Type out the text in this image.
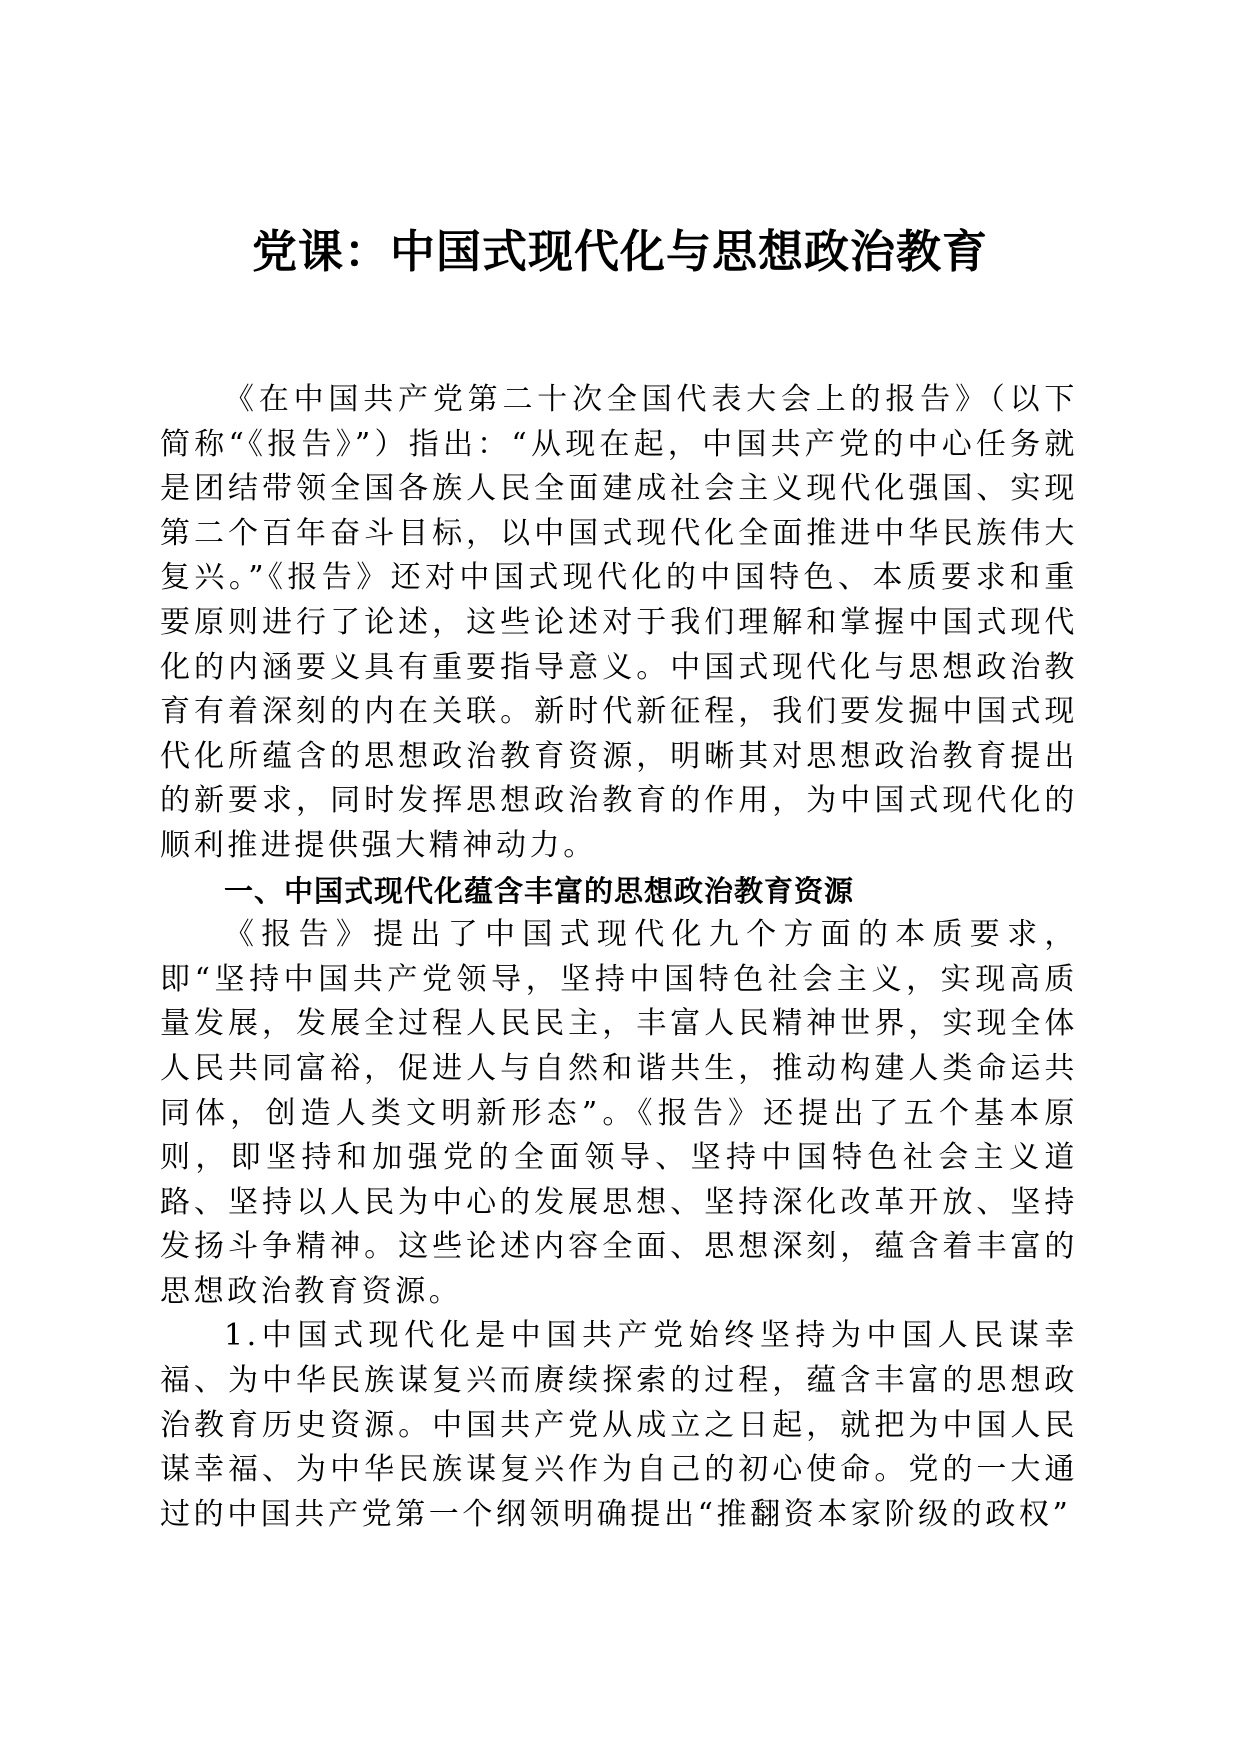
党课：中国式现代化与思想政治教育

《在中国共产党第二十次全国代表大会上的报告》（以下简称“《报告》”）指出：“从现在起，中国共产党的中心任务就是团结带领全国各族人民全面建成社会主义现代化强国、实现第二个百年奋斗目标，以中国式现代化全面推进中华民族伟大复兴。”《报告》还对中国式现代化的中国特色、本质要求和重要原则进行了论述，这些论述对于我们理解和掌握中国式现代化的内涵要义具有重要指导意义。中国式现代化与思想政治教育有着深刻的内在关联。新时代新征程，我们要发掘中国式现代化所蕴含的思想政治教育资源，明晰其对思想政治教育提出的新要求，同时发挥思想政治教育的作用，为中国式现代化的顺利推进提供强大精神动力。

一、中国式现代化蕴含丰富的思想政治教育资源

《报告》提出了中国式现代化九个方面的本质要求，即“坚持中国共产党领导，坚持中国特色社会主义，实现高质量发展，发展全过程人民民主，丰富人民精神世界，实现全体人民共同富裕，促进人与自然和谐共生，推动构建人类命运共同体，创造人类文明新形态”。《报告》还提出了五个基本原则，即坚持和加强党的全面领导、坚持中国特色社会主义道路、坚持以人民为中心的发展思想、坚持深化改革开放、坚持发扬斗争精神。这些论述内容全面、思想深刻，蕴含着丰富的思想政治教育资源。

1.中国式现代化是中国共产党始终坚持为中国人民谋幸福、为中华民族谋复兴而赓续探索的过程，蕴含丰富的思想政治教育历史资源。中国共产党从成立之日起，就把为中国人民谋幸福、为中华民族谋复兴作为自己的初心使命。党的一大通过的中国共产党第一个纲领明确提出“推翻资本家阶级的政权”
